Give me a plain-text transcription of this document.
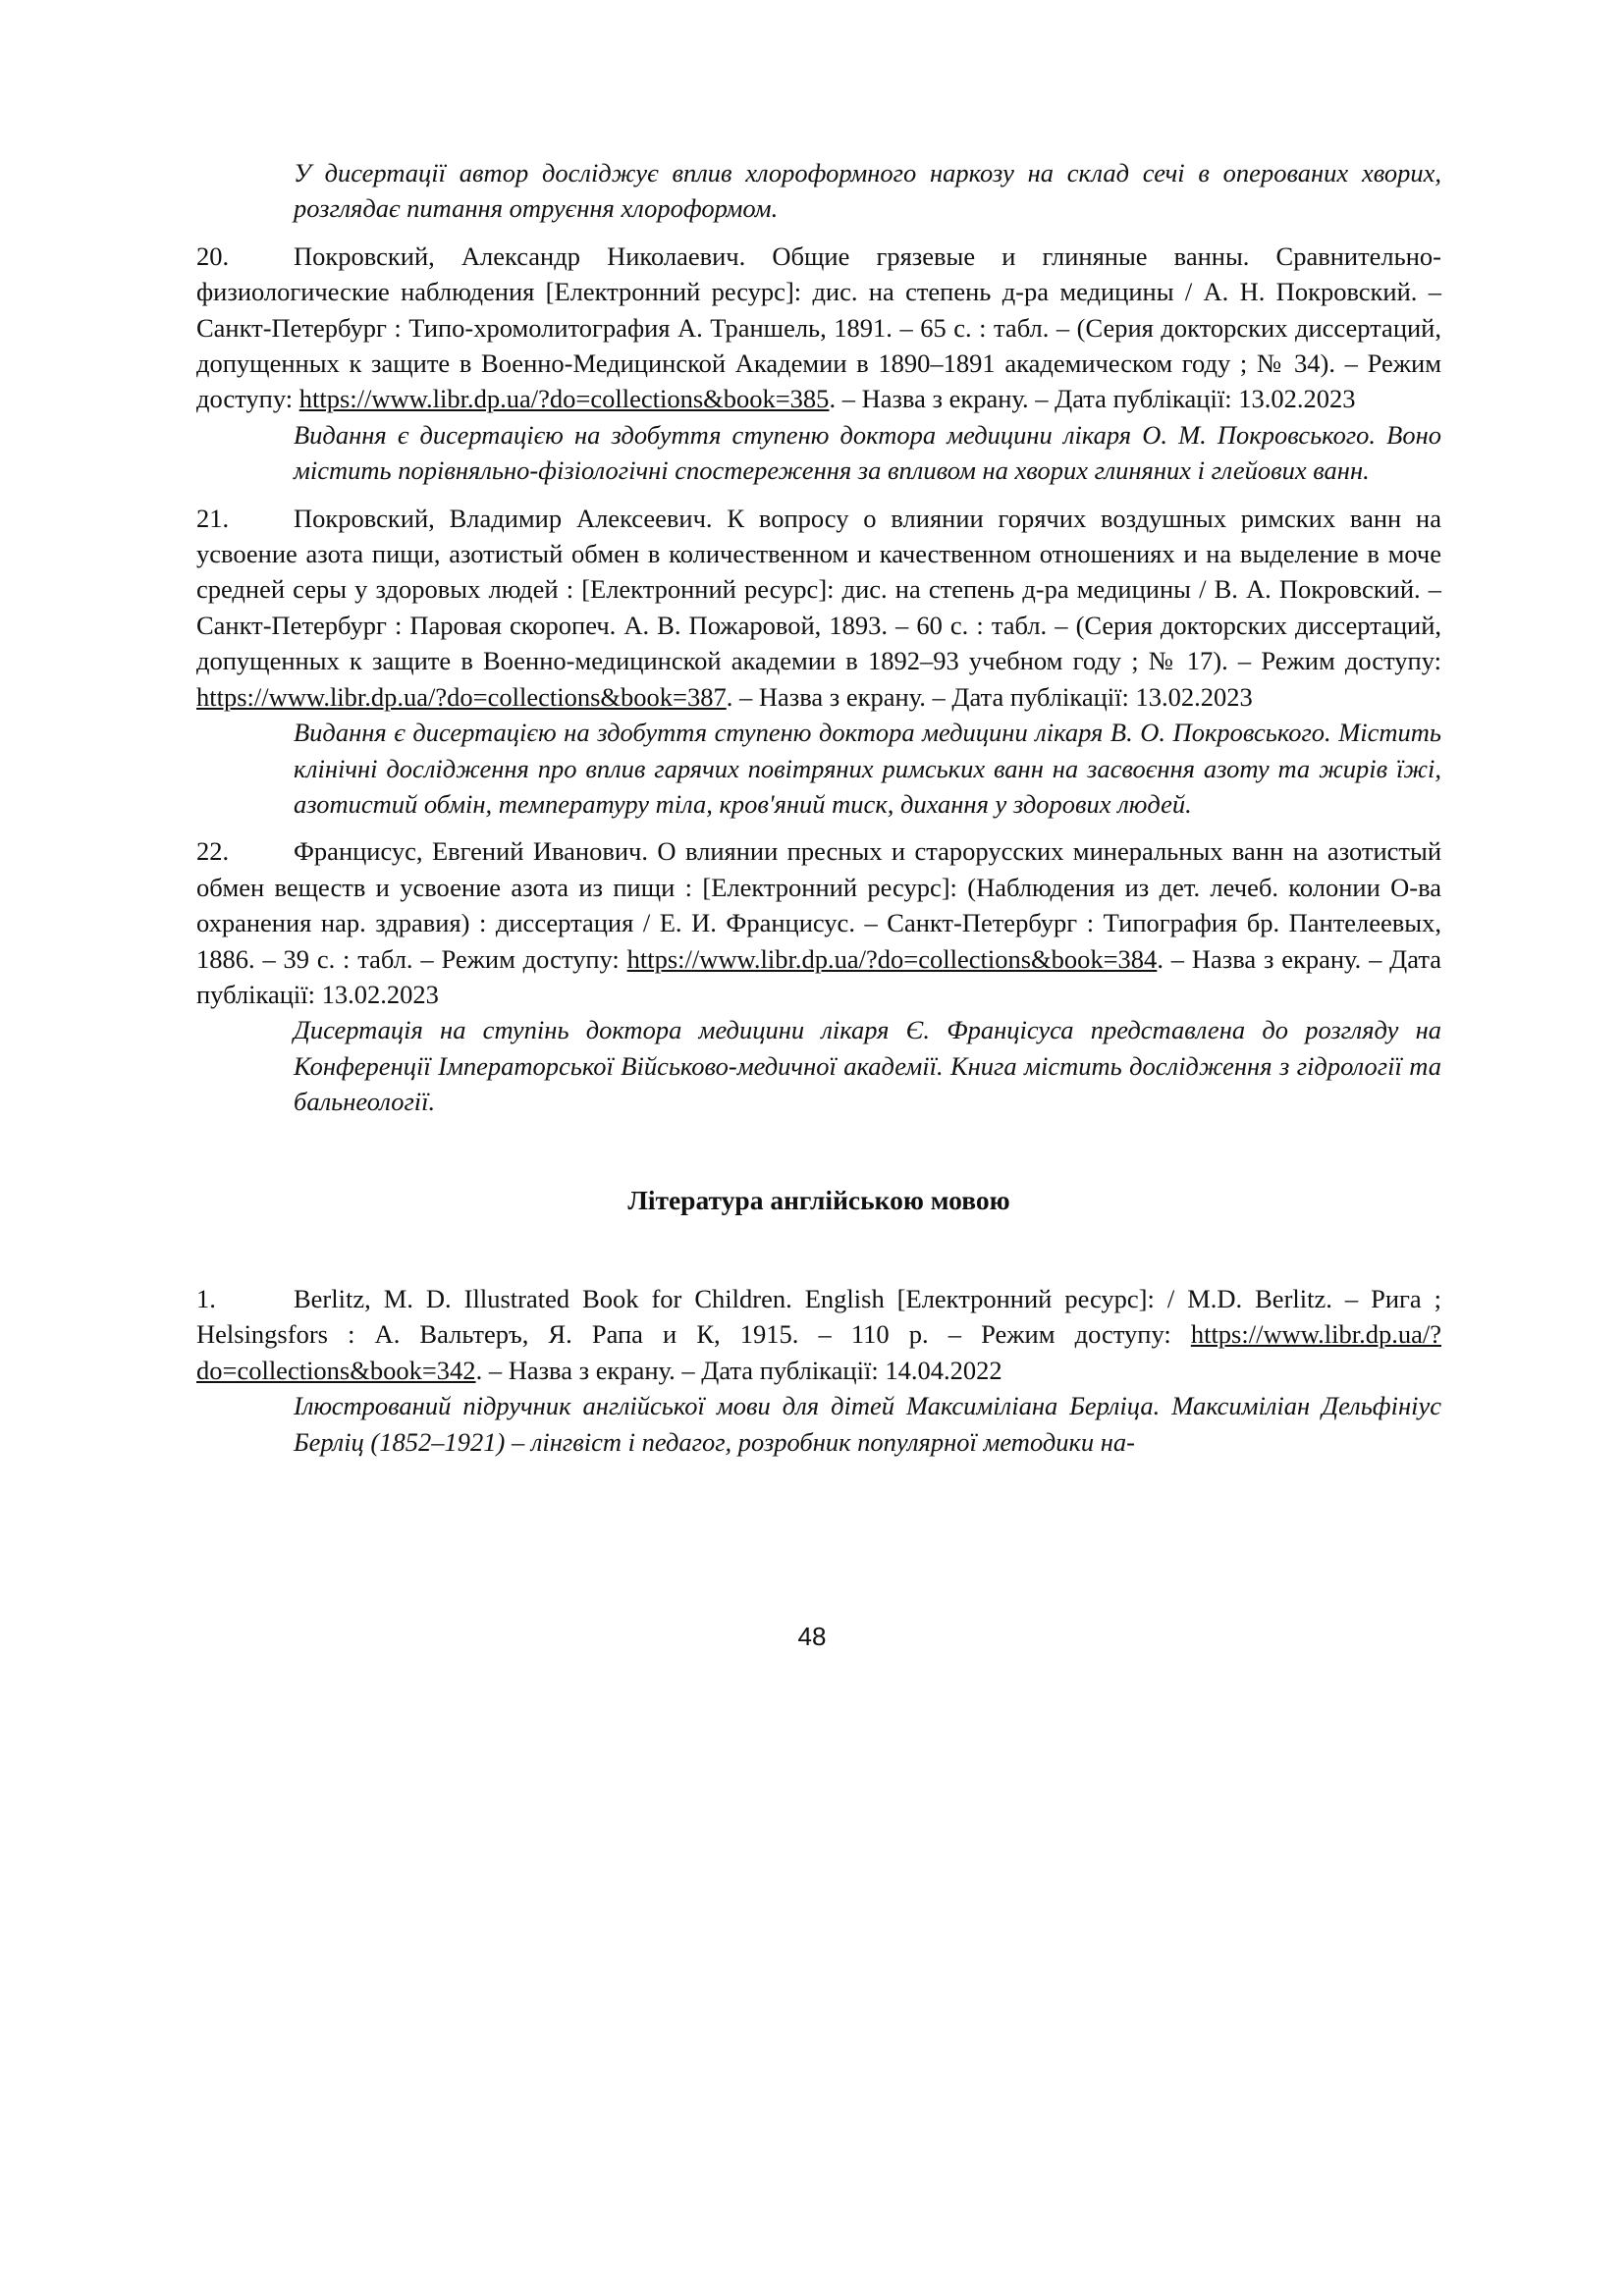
У дисертації автор досліджує вплив хлороформного наркозу на склад сечі в оперованих хворих, розглядає питання отруєння хлороформом.
20. Покровский, Александр Николаевич. Общие грязевые и глиняные ванны. Сравнительно-физиологические наблюдения [Електронний ресурс]: дис. на степень д-ра медицины / А. Н. Покровский. – Санкт-Петербург : Типо-хромолитография А. Траншель, 1891. – 65 с. : табл. – (Серия докторских диссертаций, допущенных к защите в Военно-Медицинской Академии в 1890–1891 академическом году ; № 34). – Режим доступу: https://www.libr.dp.ua/?do=collections&book=385. – Назва з екрану. – Дата публікації: 13.02.2023
Видання є дисертацією на здобуття ступеню доктора медицини лікаря О. М. Покровського. Воно містить порівняльно-фізіологічні спостереження за впливом на хворих глиняних і глейових ванн.
21. Покровский, Владимир Алексеевич. К вопросу о влиянии горячих воздушных римских ванн на усвоение азота пищи, азотистый обмен в количественном и качественном отношениях и на выделение в моче средней серы у здоровых людей : [Електронний ресурс]: дис. на степень д-ра медицины / В. А. Покровский. – Санкт-Петербург : Паровая скоропеч. А. В. Пожаровой, 1893. – 60 с. : табл. – (Серия докторских диссертаций, допущенных к защите в Военно-медицинской академии в 1892–93 учебном году ; № 17). – Режим доступу: https://www.libr.dp.ua/?do=collections&book=387. – Назва з екрану. – Дата публікації: 13.02.2023
Видання є дисертацією на здобуття ступеню доктора медицини лікаря В. О. Покровського. Містить клінічні дослідження про вплив гарячих повітряних римських ванн на засвоєння азоту та жирів їжі, азотистий обмін, температуру тіла, кров'яний тиск, дихання у здорових людей.
22. Францисус, Евгений Иванович. О влиянии пресных и старорусских минеральных ванн на азотистый обмен веществ и усвоение азота из пищи : [Електронний ресурс]: (Наблюдения из дет. лечеб. колонии О-ва охранения нар. здравия) : диссертация / Е. И. Францисус. – Санкт-Петербург : Типография бр. Пантелеевых, 1886. – 39 с. : табл. – Режим доступу: https://www.libr.dp.ua/?do=collections&book=384. – Назва з екрану. – Дата публікації: 13.02.2023
Дисертація на ступінь доктора медицини лікаря Є. Францісуса представлена до розгляду на Конференції Імператорської Військово-медичної академії. Книга містить дослідження з гідрології та бальнеології.
Література англійською мовою
1.	Berlitz, M. D. Illustrated Book for Children. English [Електронний ресурс]: / M.D. Berlitz. – Рига ; Helsingsfors : А. Вальтеръ, Я. Рапа и К, 1915. – 110 p. – Режим доступу: https://www.libr.dp.ua/?do=collections&book=342. – Назва з екрану. – Дата публікації: 14.04.2022
Ілюстрований підручник англійської мови для дітей Максиміліана Берліца. Максиміліан Дельфініус Берліц (1852–1921) – лінгвіст і педагог, розробник популярної методики на-
48
